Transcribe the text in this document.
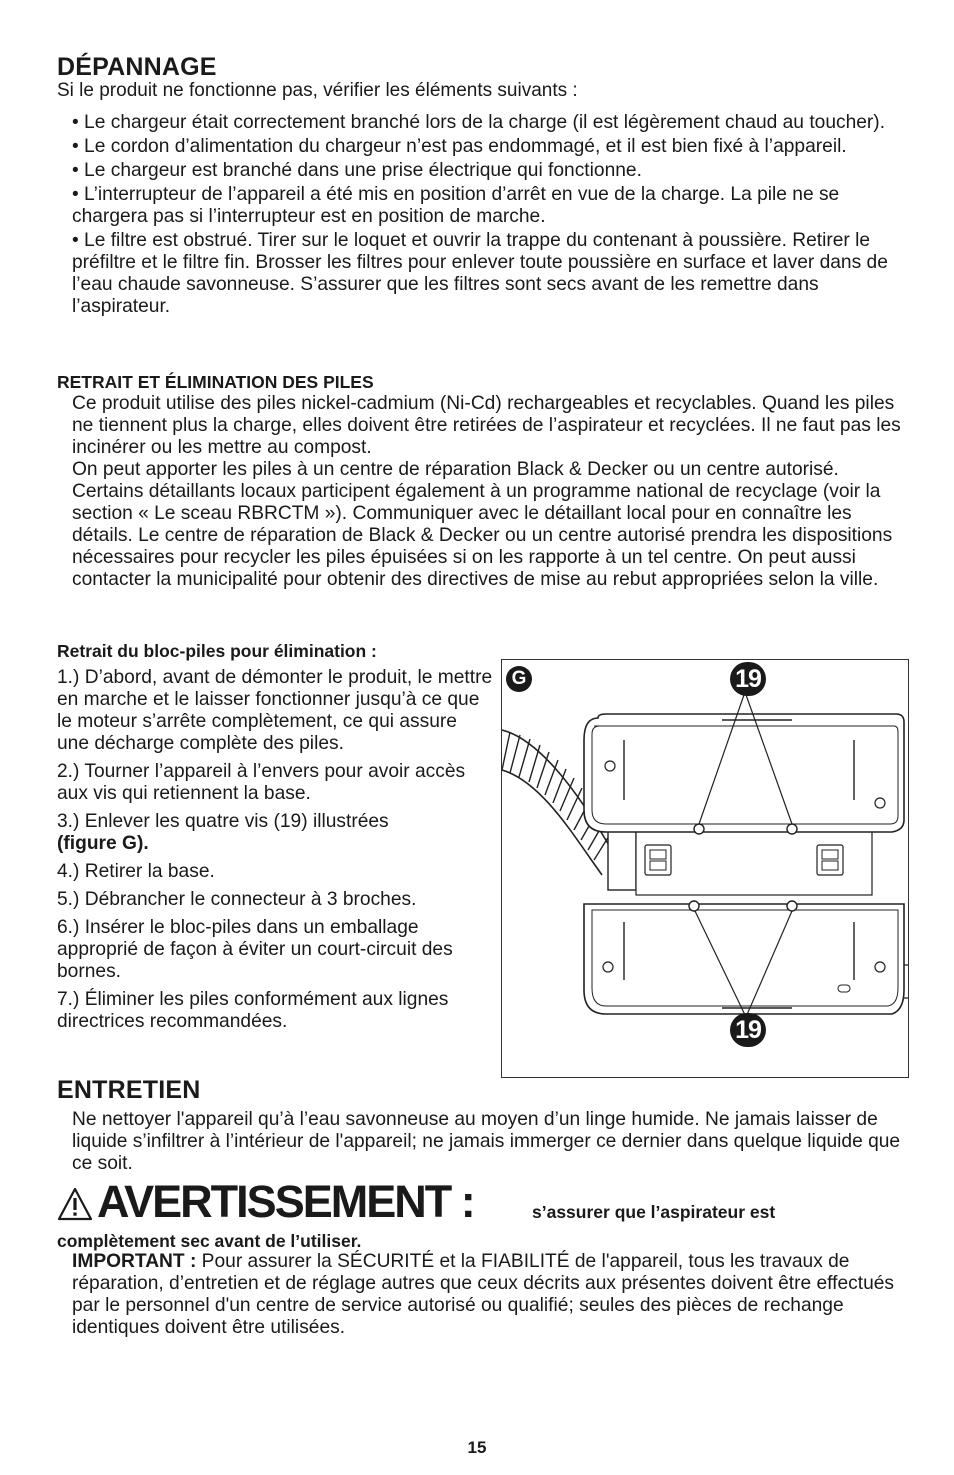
DÉPANNAGE

Si le produit ne fonctionne pas, vérifier les éléments suivants :

• Le chargeur était correctement branché lors de la charge (il est légèrement chaud au toucher).

• Le cordon d’alimentation du chargeur n’est pas endommagé, et il est bien fixé à l’appareil.

• Le chargeur est branché dans une prise électrique qui fonctionne.

• L’interrupteur de l’appareil a été mis en position d’arrêt en vue de la charge. La pile ne se chargera pas si l’interrupteur est en position de marche.

• Le filtre est obstrué. Tirer sur le loquet et ouvrir la trappe du contenant à poussière. Retirer le préfiltre et le filtre fin. Brosser les filtres pour enlever toute poussière en surface et laver dans de l’eau chaude savonneuse. S’assurer que les filtres sont secs avant de les remettre dans l’aspirateur.

RETRAIT ET ÉLIMINATION DES PILES

Ce produit utilise des piles nickel-cadmium (Ni-Cd) rechargeables et recyclables. Quand les piles ne tiennent plus la charge, elles doivent être retirées de l’aspirateur et recyclées. Il ne faut pas les incinérer ou les mettre au compost.

On peut apporter les piles à un centre de réparation Black & Decker ou un centre autorisé. Certains détaillants locaux participent également à un programme national de recyclage (voir la section « Le sceau RBRCTM »). Communiquer avec le détaillant local pour en connaître les détails. Le centre de réparation de Black & Decker ou un centre autorisé prendra les dispositions nécessaires pour recycler les piles épuisées si on les rapporte à un tel centre. On peut aussi contacter la municipalité pour obtenir des directives de mise au rebut appropriées selon la ville.

Retrait du bloc-piles pour élimination :

1.) D’abord, avant de démonter le produit, le mettre en marche et le laisser fonctionner jusqu’à ce que le moteur s’arrête complètement, ce qui assure une décharge complète des piles.

2.) Tourner l’appareil à l’envers pour avoir accès aux vis qui retiennent la base.

3.) Enlever les quatre vis (19) illustrées
(figure G).

4.) Retirer la base.

5.) Débrancher le connecteur à 3 broches.

6.) Insérer le bloc-piles dans un emballage approprié de façon à éviter un court-circuit des bornes.

7.) Éliminer les piles conformément aux lignes directrices recommandées.

G	19
19
ENTRETIEN

Ne nettoyer l'appareil qu’à l’eau savonneuse au moyen d’un linge humide. Ne jamais laisser de liquide s’infiltrer à l’intérieur de l'appareil; ne jamais immerger ce dernier dans quelque liquide que ce soit.

AVERTISSEMENT :	s’assurer que l’aspirateur est
complètement sec avant de l’utiliser.

IMPORTANT : Pour assurer la SÉCURITÉ et la FIABILITÉ de l'appareil, tous les travaux de réparation, d’entretien et de réglage autres que ceux décrits aux présentes doivent être effectués par le personnel d'un centre de service autorisé ou qualifié; seules des pièces de rechange identiques doivent être utilisées.

15
